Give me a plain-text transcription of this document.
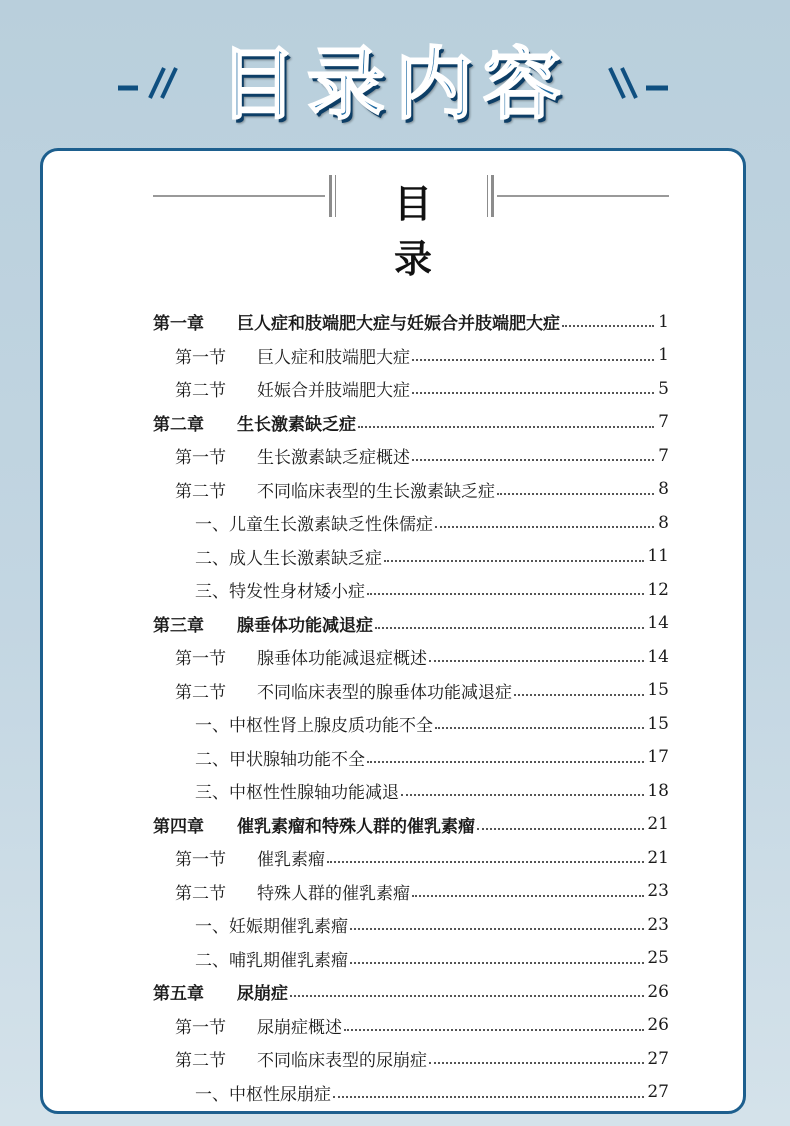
目录内容
目 录
第一章 巨人症和肢端肥大症与妊娠合并肢端肥大症	1
第一节 巨人症和肢端肥大症	1
第二节 妊娠合并肢端肥大症	5
第二章 生长激素缺乏症	7
第一节 生长激素缺乏症概述	7
第二节 不同临床表型的生长激素缺乏症	8
一、儿童生长激素缺乏性侏儒症	8
二、成人生长激素缺乏症	11
三、特发性身材矮小症	12
第三章 腺垂体功能减退症	14
第一节 腺垂体功能减退症概述	14
第二节 不同临床表型的腺垂体功能减退症	15
一、中枢性肾上腺皮质功能不全	15
二、甲状腺轴功能不全	17
三、中枢性性腺轴功能减退	18
第四章 催乳素瘤和特殊人群的催乳素瘤	21
第一节 催乳素瘤	21
第二节 特殊人群的催乳素瘤	23
一、妊娠期催乳素瘤	23
二、哺乳期催乳素瘤	25
第五章 尿崩症	26
第一节 尿崩症概述	26
第二节 不同临床表型的尿崩症	27
一、中枢性尿崩症	27
